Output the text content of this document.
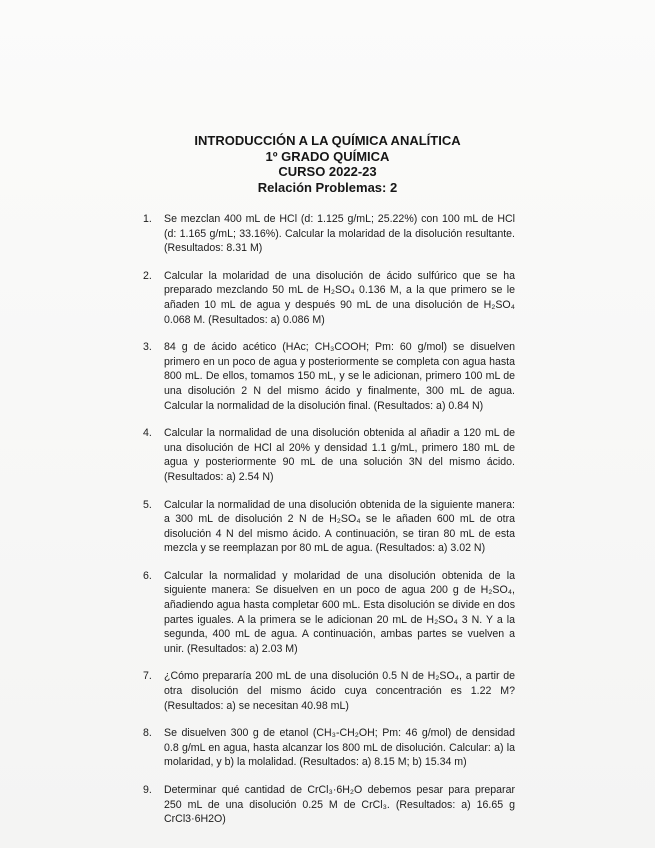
INTRODUCCIÓN A LA QUÍMICA ANALÍTICA
1º GRADO QUÍMICA
CURSO 2022-23
Relación Problemas: 2
1.	Se mezclan 400 mL de HCl (d: 1.125 g/mL; 25.22%) con 100 mL de HCl (d: 1.165 g/mL; 33.16%). Calcular la molaridad de la disolución resultante. (Resultados: 8.31 M)
2.	Calcular la molaridad de una disolución de ácido sulfúrico que se ha preparado mezclando 50 mL de H₂SO₄ 0.136 M, a la que primero se le añaden 10 mL de agua y después 90 mL de una disolución de H₂SO₄ 0.068 M. (Resultados: a) 0.086 M)
3.	84 g de ácido acético (HAc; CH₃COOH; Pm: 60 g/mol) se disuelven primero en un poco de agua y posteriormente se completa con agua hasta 800 mL. De ellos, tomamos 150 mL, y se le adicionan, primero 100 mL de una disolución 2 N del mismo ácido y finalmente, 300 mL de agua. Calcular la normalidad de la disolución final. (Resultados: a) 0.84 N)
4.	Calcular la normalidad de una disolución obtenida al añadir a 120 mL de una disolución de HCl al 20% y densidad 1.1 g/mL, primero 180 mL de agua y posteriormente 90 mL de una solución 3N del mismo ácido. (Resultados: a) 2.54 N)
5.	Calcular la normalidad de una disolución obtenida de la siguiente manera: a 300 mL de disolución 2 N de H₂SO₄ se le añaden 600 mL de otra disolución 4 N del mismo ácido. A continuación, se tiran 80 mL de esta mezcla y se reemplazan por 80 mL de agua. (Resultados: a) 3.02 N)
6.	Calcular la normalidad y molaridad de una disolución obtenida de la siguiente manera: Se disuelven en un poco de agua 200 g de H₂SO₄, añadiendo agua hasta completar 600 mL. Esta disolución se divide en dos partes iguales. A la primera se le adicionan 20 mL de H₂SO₄ 3 N. Y a la segunda, 400 mL de agua. A continuación, ambas partes se vuelven a unir. (Resultados: a) 2.03 M)
7.	¿Cómo prepararía 200 mL de una disolución 0.5 N de H₂SO₄, a partir de otra disolución del mismo ácido cuya concentración es 1.22 M? (Resultados: a) se necesitan 40.98 mL)
8.	Se disuelven 300 g de etanol (CH₃-CH₂OH; Pm: 46 g/mol) de densidad 0.8 g/mL en agua, hasta alcanzar los 800 mL de disolución. Calcular: a) la molaridad, y b) la molalidad. (Resultados: a) 8.15 M; b) 15.34 m)
9.	Determinar qué cantidad de CrCl₃·6H₂O debemos pesar para preparar 250 mL de una disolución 0.25 M de CrCl₃. (Resultados: a) 16.65 g CrCl3·6H2O)
